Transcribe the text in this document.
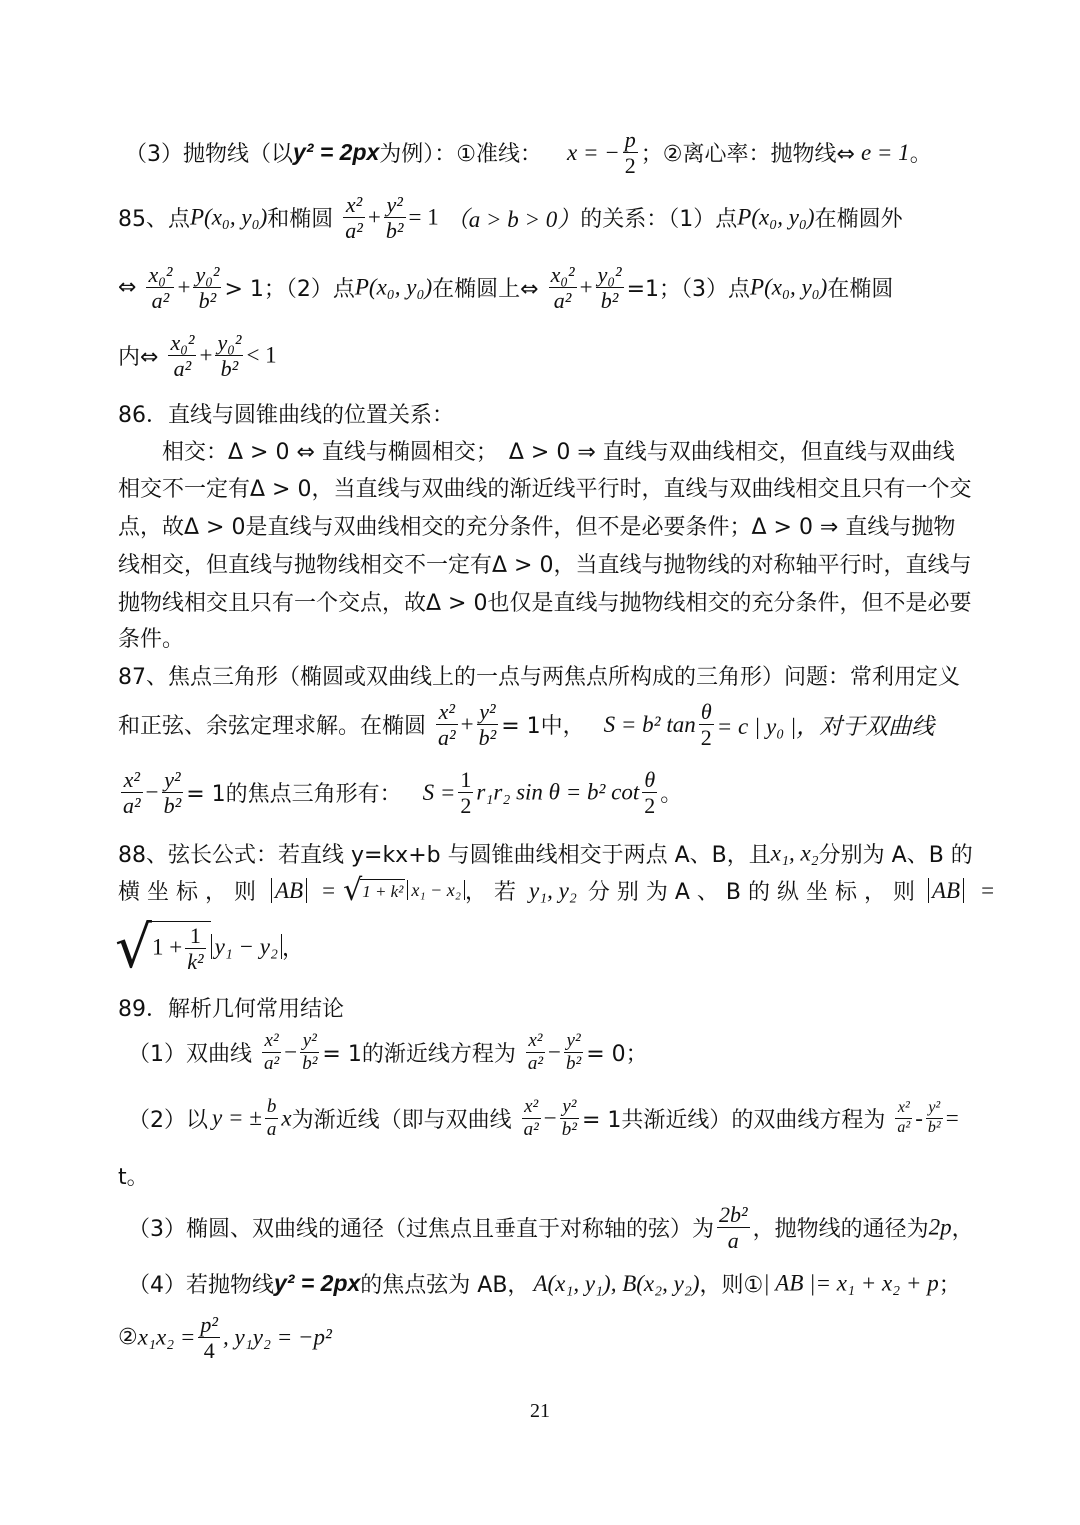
（3）抛物线（以y² = 2px为例）：①准线： x = − $\frac{p}{2}$ ；②离心率：抛物线⇔ e = 1。
85、点P(x₀, y₀)和椭圆 $\frac{\text{x²}}{\text{a²}} + \frac{\text{y²}}{\text{b²}} = 1$ （a > b > 0）的关系：（1）点P(x₀, y₀)在椭圆外
⇔ $\frac{\text{x₀²}}{\text{a²}} + \frac{\text{y₀²}}{\text{b²}} > 1$；（2）点P(x₀, y₀)在椭圆上⇔ $\frac{\text{x₀²}}{\text{a²}} + \frac{\text{y₀²}}{\text{b²}} =1$；（3）点P(x₀, y₀)在椭圆
内⇔ $\frac{\text{x₀²}}{\text{a²}} + \frac{\text{y₀²}}{\text{b²}} < 1$
86．直线与圆锥曲线的位置关系：
相交：Δ > 0 ⇔ 直线与椭圆相交；　Δ > 0 ⇒ 直线与双曲线相交，但直线与双曲线
相交不一定有Δ > 0，当直线与双曲线的渐近线平行时，直线与双曲线相交且只有一个交
点，故Δ > 0是直线与双曲线相交的充分条件，但不是必要条件；Δ > 0 ⇒ 直线与抛物
线相交，但直线与抛物线相交不一定有Δ > 0，当直线与抛物线的对称轴平行时，直线与
抛物线相交且只有一个交点，故Δ > 0也仅是直线与抛物线相交的充分条件，但不是必要
条件。
87、焦点三角形（椭圆或双曲线上的一点与两焦点所构成的三角形）问题：常利用定义
和正弦、余弦定理求解。在椭圆 $\frac{\text{x²}}{\text{a²}} + \frac{\text{y²}}{\text{b²}} = 1$中， S = b² $\tan \frac{\theta}{2} = c$ | y₀ |，对于双曲线
$\frac{\text{x²}}{\text{a²}} - \frac{\text{y²}}{\text{b²}} = 1$的焦点三角形有： $S = \frac{1}{2} r_1r_2$ sin θ = b² $\cot \frac{\theta}{2}$ 。
88、弦长公式：若直线 y=kx+b 与圆锥曲线相交于两点 A、B，且x₁, x₂分别为 A、B 的
横 坐 标 ， 则 AB = √1 + k² x₁ − x₂ ， 若 y₁, y₂ 分 别 为 A 、 B 的 纵 坐 标 ， 则 AB =
$√1 + \frac{1}{\text{k²}} y_1 - y_2$ ，
89．解析几何常用结论
（1）双曲线 $\frac{\text{x²}}{\text{a²}} - \frac{\text{y²}}{\text{b²}} = 1$的渐近线方程为 $\frac{\text{x²}}{\text{a²}} - \frac{\text{y²}}{\text{b²}} = 0$；
（2）以 y = ± $\frac{b}{a}$ x为渐近线（即与双曲线 $\frac{\text{x²}}{\text{a²}} - \frac{\text{y²}}{\text{b²}} = 1$共渐近线）的双曲线方程为 $\frac{\text{x²}}{\text{a²}} - \frac{\text{y²}}{\text{b²}}$ =
t。
（3）椭圆、双曲线的通径（过焦点且垂直于对称轴的弦）为 $\frac{\text{2b²}}{a}$ ，抛物线的通径为2p，
（4）若抛物线y² = 2px的焦点弦为 AB， A(x₁, y₁), B(x₂, y₂)，则①| AB |= x₁ + x₂ + p；
②x₁x₂ = $\frac{\text{p²}}{4}$ , y₁y₂ = −p²
21
